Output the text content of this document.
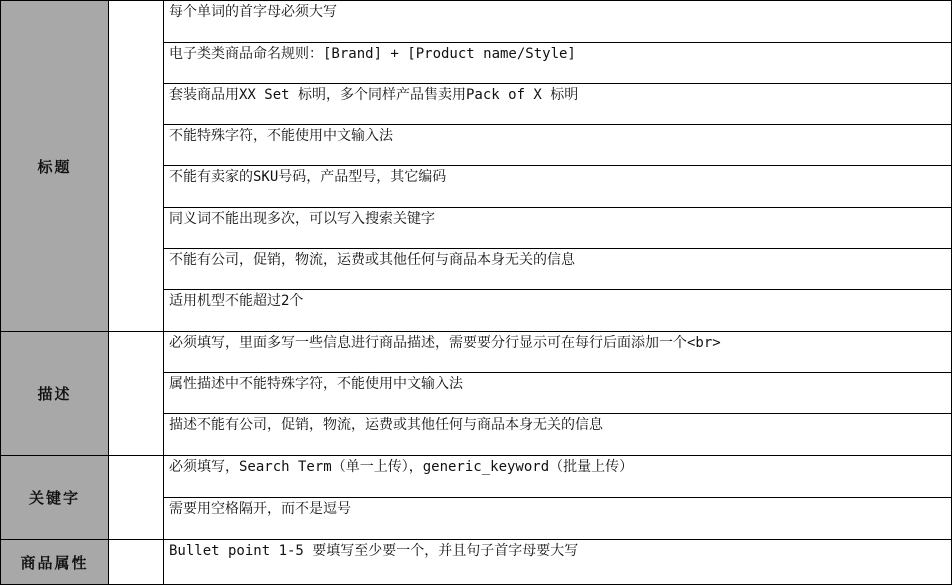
标题		每个单词的首字母必须大写
		电子类类商品命名规则：[Brand] + [Product name/Style]
		套装商品用XX Set 标明，多个同样产品售卖用Pack of X 标明
		不能特殊字符，不能使用中文输入法
		不能有卖家的SKU号码，产品型号，其它编码
		同义词不能出现多次，可以写入搜索关键字
		不能有公司，促销，物流，运费或其他任何与商品本身无关的信息
		适用机型不能超过2个
描述		必须填写，里面多写一些信息进行商品描述，需要要分行显示可在每行后面添加一个<br>
		属性描述中不能特殊字符，不能使用中文输入法
		描述不能有公司，促销，物流，运费或其他任何与商品本身无关的信息
关键字		必须填写，Search Term（单一上传），generic_keyword（批量上传）
		需要用空格隔开，而不是逗号
商品属性		Bullet point 1-5 要填写至少要一个，并且句子首字母要大写
